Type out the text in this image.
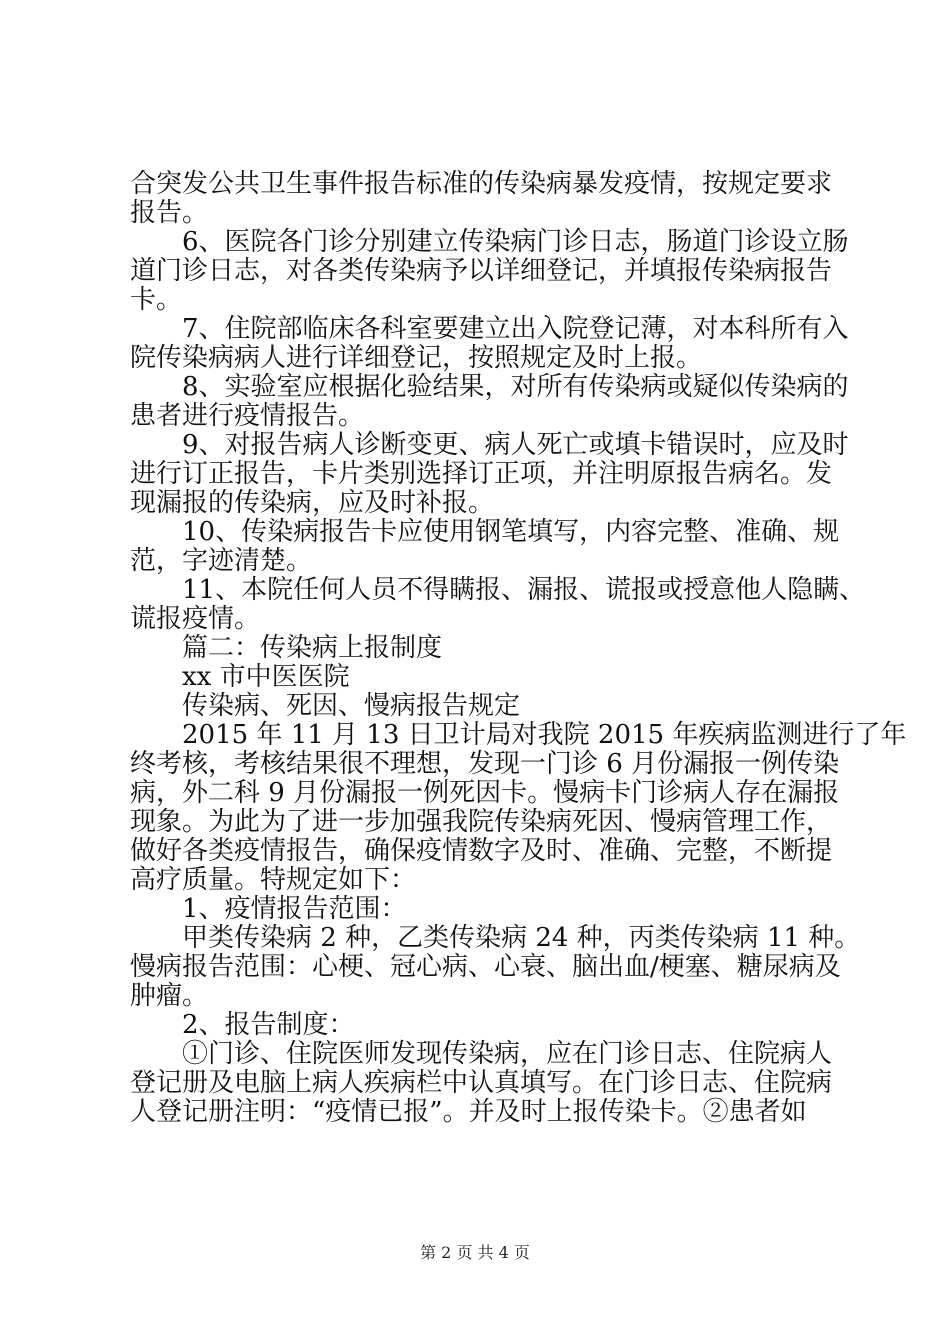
合突发公共卫生事件报告标准的传染病暴发疫情，按规定要求
报告。
6、医院各门诊分别建立传染病门诊日志，肠道门诊设立肠
道门诊日志，对各类传染病予以详细登记，并填报传染病报告
卡。
7、住院部临床各科室要建立出入院登记薄，对本科所有入
院传染病病人进行详细登记，按照规定及时上报。
8、实验室应根据化验结果，对所有传染病或疑似传染病的
患者进行疫情报告。
9、对报告病人诊断变更、病人死亡或填卡错误时，应及时
进行订正报告，卡片类别选择订正项，并注明原报告病名。发
现漏报的传染病，应及时补报。
10、传染病报告卡应使用钢笔填写，内容完整、准确、规
范，字迹清楚。
11、本院任何人员不得瞒报、漏报、谎报或授意他人隐瞒、
谎报疫情。
篇二：传染病上报制度
xx 市中医医院
传染病、死因、慢病报告规定
2015 年 11 月 13 日卫计局对我院 2015 年疾病监测进行了年
终考核，考核结果很不理想，发现一门诊 6 月份漏报一例传染
病，外二科 9 月份漏报一例死因卡。慢病卡门诊病人存在漏报
现象。为此为了进一步加强我院传染病死因、慢病管理工作，
做好各类疫情报告，确保疫情数字及时、准确、完整，不断提
高疗质量。特规定如下：
1、疫情报告范围：
甲类传染病 2 种，乙类传染病 24 种，丙类传染病 11 种。
慢病报告范围：心梗、冠心病、心衰、脑出血/梗塞、糖尿病及
肿瘤。
2、报告制度：
①门诊、住院医师发现传染病，应在门诊日志、住院病人
登记册及电脑上病人疾病栏中认真填写。在门诊日志、住院病
人登记册注明：“疫情已报”。并及时上报传染卡。②患者如
第 2 页 共 4 页
